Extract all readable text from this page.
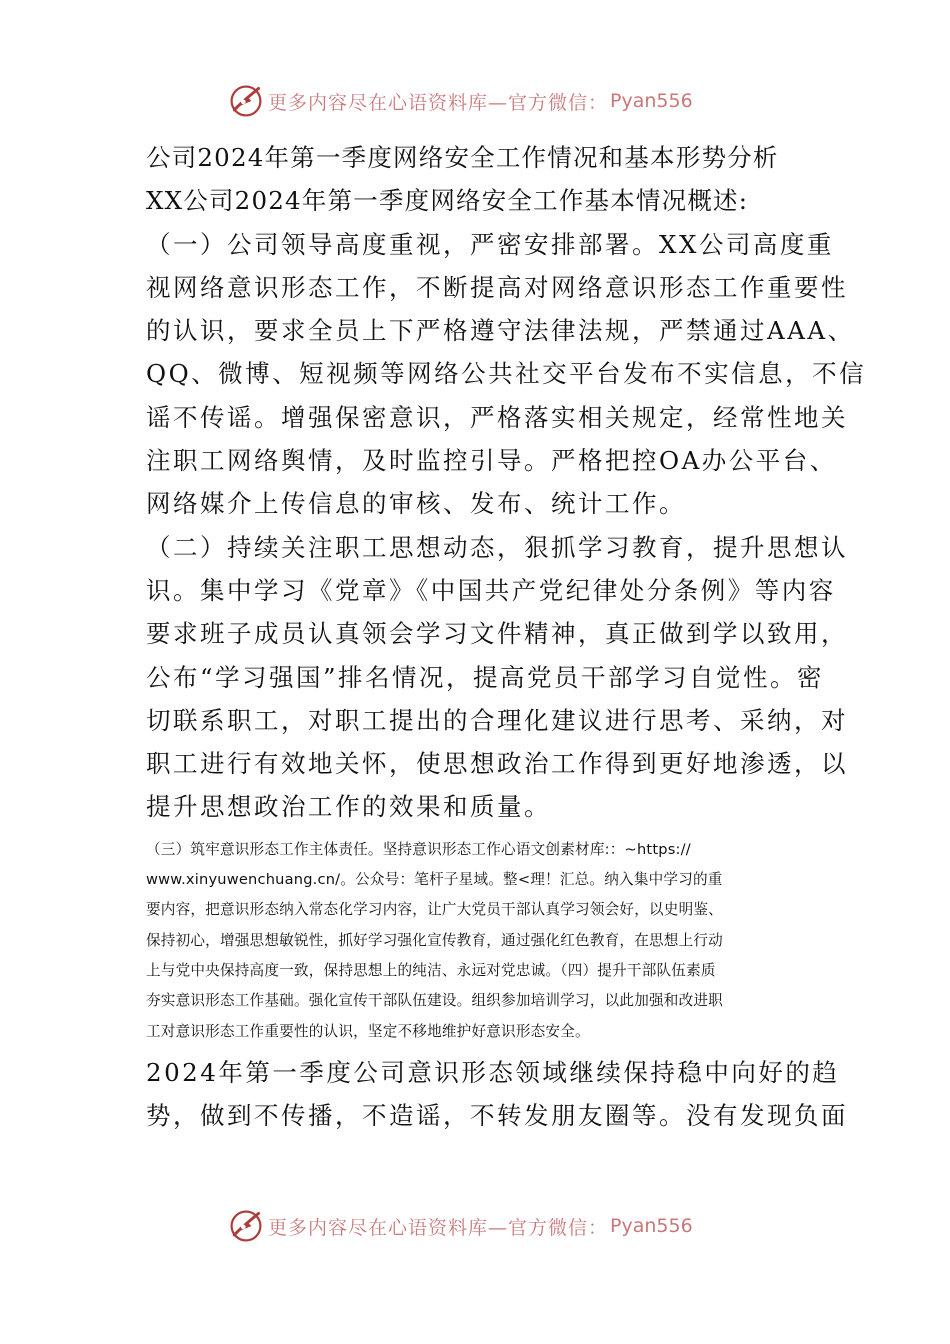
更多内容尽在心语资料库—官方微信： Pyan556

公司2024年第一季度网络安全工作情况和基本形势分析

XX公司2024年第一季度网络安全工作基本情况概述:

（一）公司领导高度重视，严密安排部署。XX公司高度重

视网络意识形态工作，不断提高对网络意识形态工作重要性

的认识，要求全员上下严格遵守法律法规，严禁通过AAA、

QQ、微博、短视频等网络公共社交平台发布不实信息，不信

谣不传谣。增强保密意识，严格落实相关规定，经常性地关

注职工网络舆情，及时监控引导。严格把控OA办公平台、

网络媒介上传信息的审核、发布、统计工作。

（二）持续关注职工思想动态，狠抓学习教育，提升思想认

识。集中学习《党章》《中国共产党纪律处分条例》等内容

要求班子成员认真领会学习文件精神，真正做到学以致用，

公布“学习强国”排名情况，提高党员干部学习自觉性。密

切联系职工，对职工提出的合理化建议进行思考、采纳，对

职工进行有效地关怀，使思想政治工作得到更好地渗透，以

提升思想政治工作的效果和质量。

（三）筑牢意识形态工作主体责任。坚持意识形态工作心语文创素材库:：~https://

www.xinyuwenchuang.cn/。公众号：笔杆子星域。整<理！汇总。纳入集中学习的重

要内容，把意识形态纳入常态化学习内容，让广大党员干部认真学习领会好，以史明鉴、

保持初心，增强思想敏锐性，抓好学习强化宣传教育，通过强化红色教育，在思想上行动

上与党中央保持高度一致，保持思想上的纯洁、永远对党忠诚。（四）提升干部队伍素质

夯实意识形态工作基础。强化宣传干部队伍建设。组织参加培训学习，以此加强和改进职

工对意识形态工作重要性的认识，坚定不移地维护好意识形态安全。

2024年第一季度公司意识形态领域继续保持稳中向好的趋

势，做到不传播，不造谣，不转发朋友圈等。没有发现负面

更多内容尽在心语资料库—官方微信： Pyan556
